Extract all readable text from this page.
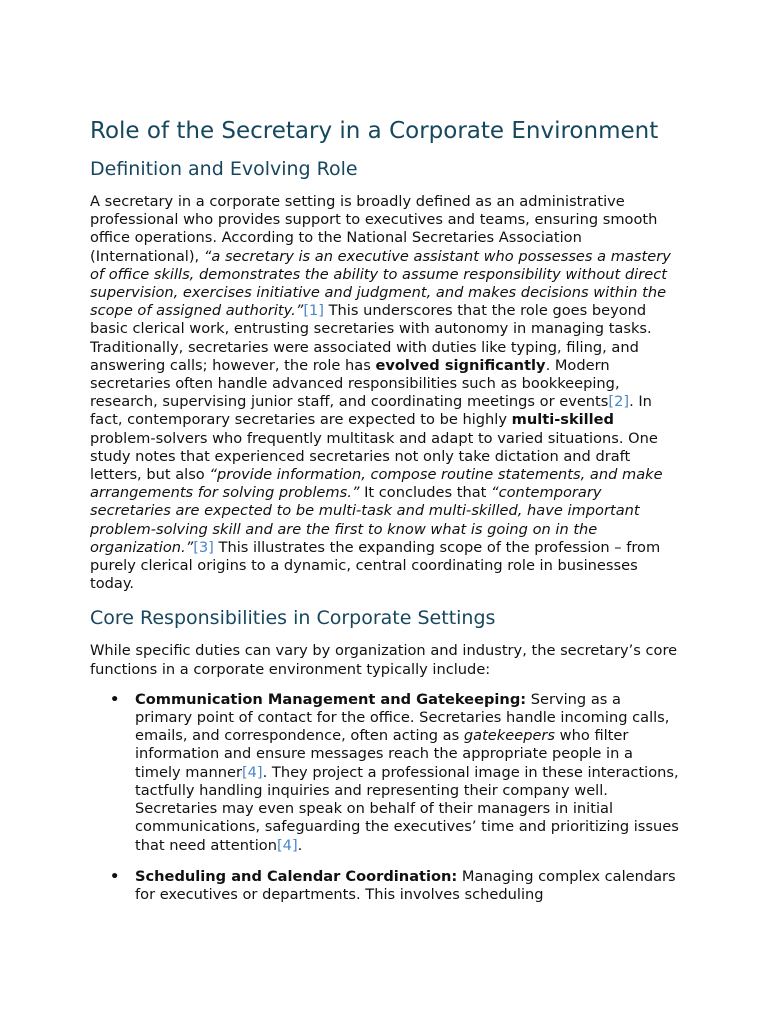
Role of the Secretary in a Corporate Environment
Definition and Evolving Role

A secretary in a corporate setting is broadly defined as an administrative professional who provides support to executives and teams, ensuring smooth office operations. According to the National Secretaries Association (International), “a secretary is an executive assistant who possesses a mastery of office skills, demonstrates the ability to assume responsibility without direct supervision, exercises initiative and judgment, and makes decisions within the scope of assigned authority.”[1] This underscores that the role goes beyond basic clerical work, entrusting secretaries with autonomy in managing tasks. Traditionally, secretaries were associated with duties like typing, filing, and answering calls; however, the role has evolved significantly. Modern secretaries often handle advanced responsibilities such as bookkeeping, research, supervising junior staff, and coordinating meetings or events[2]. In fact, contemporary secretaries are expected to be highly multi-skilled problem-solvers who frequently multitask and adapt to varied situations. One study notes that experienced secretaries not only take dictation and draft letters, but also “provide information, compose routine statements, and make arrangements for solving problems.” It concludes that “contemporary secretaries are expected to be multi-task and multi-skilled, have important problem-solving skill and are the first to know what is going on in the organization.”[3] This illustrates the expanding scope of the profession – from purely clerical origins to a dynamic, central coordinating role in businesses today.

Core Responsibilities in Corporate Settings

While specific duties can vary by organization and industry, the secretary’s core functions in a corporate environment typically include:

• Communication Management and Gatekeeping: Serving as a primary point of contact for the office. Secretaries handle incoming calls, emails, and correspondence, often acting as gatekeepers who filter information and ensure messages reach the appropriate people in a timely manner[4]. They project a professional image in these interactions, tactfully handling inquiries and representing their company well. Secretaries may even speak on behalf of their managers in initial communications, safeguarding the executives’ time and prioritizing issues that need attention[4].
• Scheduling and Calendar Coordination: Managing complex calendars for executives or departments. This involves scheduling
